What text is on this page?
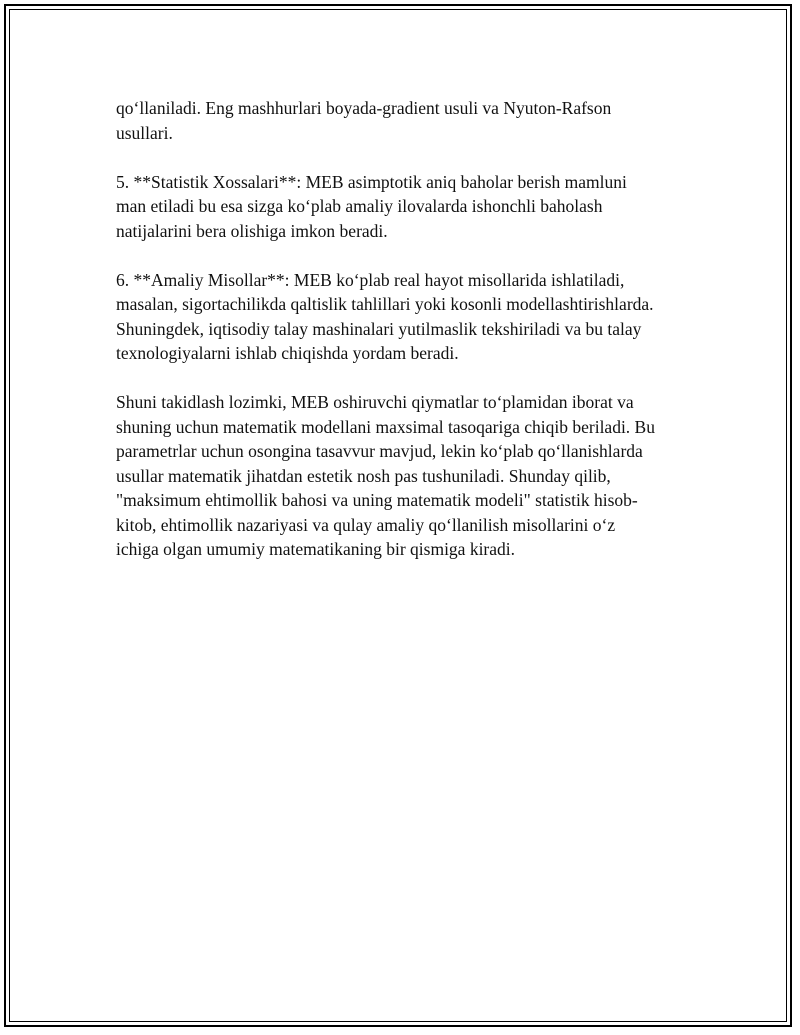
qo‘llaniladi. Eng mashhurlari boyada-gradient usuli va Nyuton-Rafson
usullari.

5. **Statistik Xossalari**: MEB asimptotik aniq baholar berish mamluni
man etiladi bu esa sizga ko‘plab amaliy ilovalarda ishonchli baholash
natijalarini bera olishiga imkon beradi.

6. **Amaliy Misollar**: MEB ko‘plab real hayot misollarida ishlatiladi,
masalan, sigortachilikda qaltislik tahlillari yoki kosonli modellashtirishlarda.
Shuningdek, iqtisodiy talay mashinalari yutilmaslik tekshiriladi va bu talay
texnologiyalarni ishlab chiqishda yordam beradi.

Shuni takidlash lozimki, MEB oshiruvchi qiymatlar to‘plamidan iborat va
shuning uchun matematik modellani maxsimal tasoqariga chiqib beriladi. Bu
parametrlar uchun osongina tasavvur mavjud, lekin ko‘plab qo‘llanishlarda
usullar matematik jihatdan estetik nosh pas tushuniladi. Shunday qilib,
"maksimum ehtimollik bahosi va uning matematik modeli" statistik hisob-
kitob, ehtimollik nazariyasi va qulay amaliy qo‘llanilish misollarini o‘z
ichiga olgan umumiy matematikaning bir qismiga kiradi.
